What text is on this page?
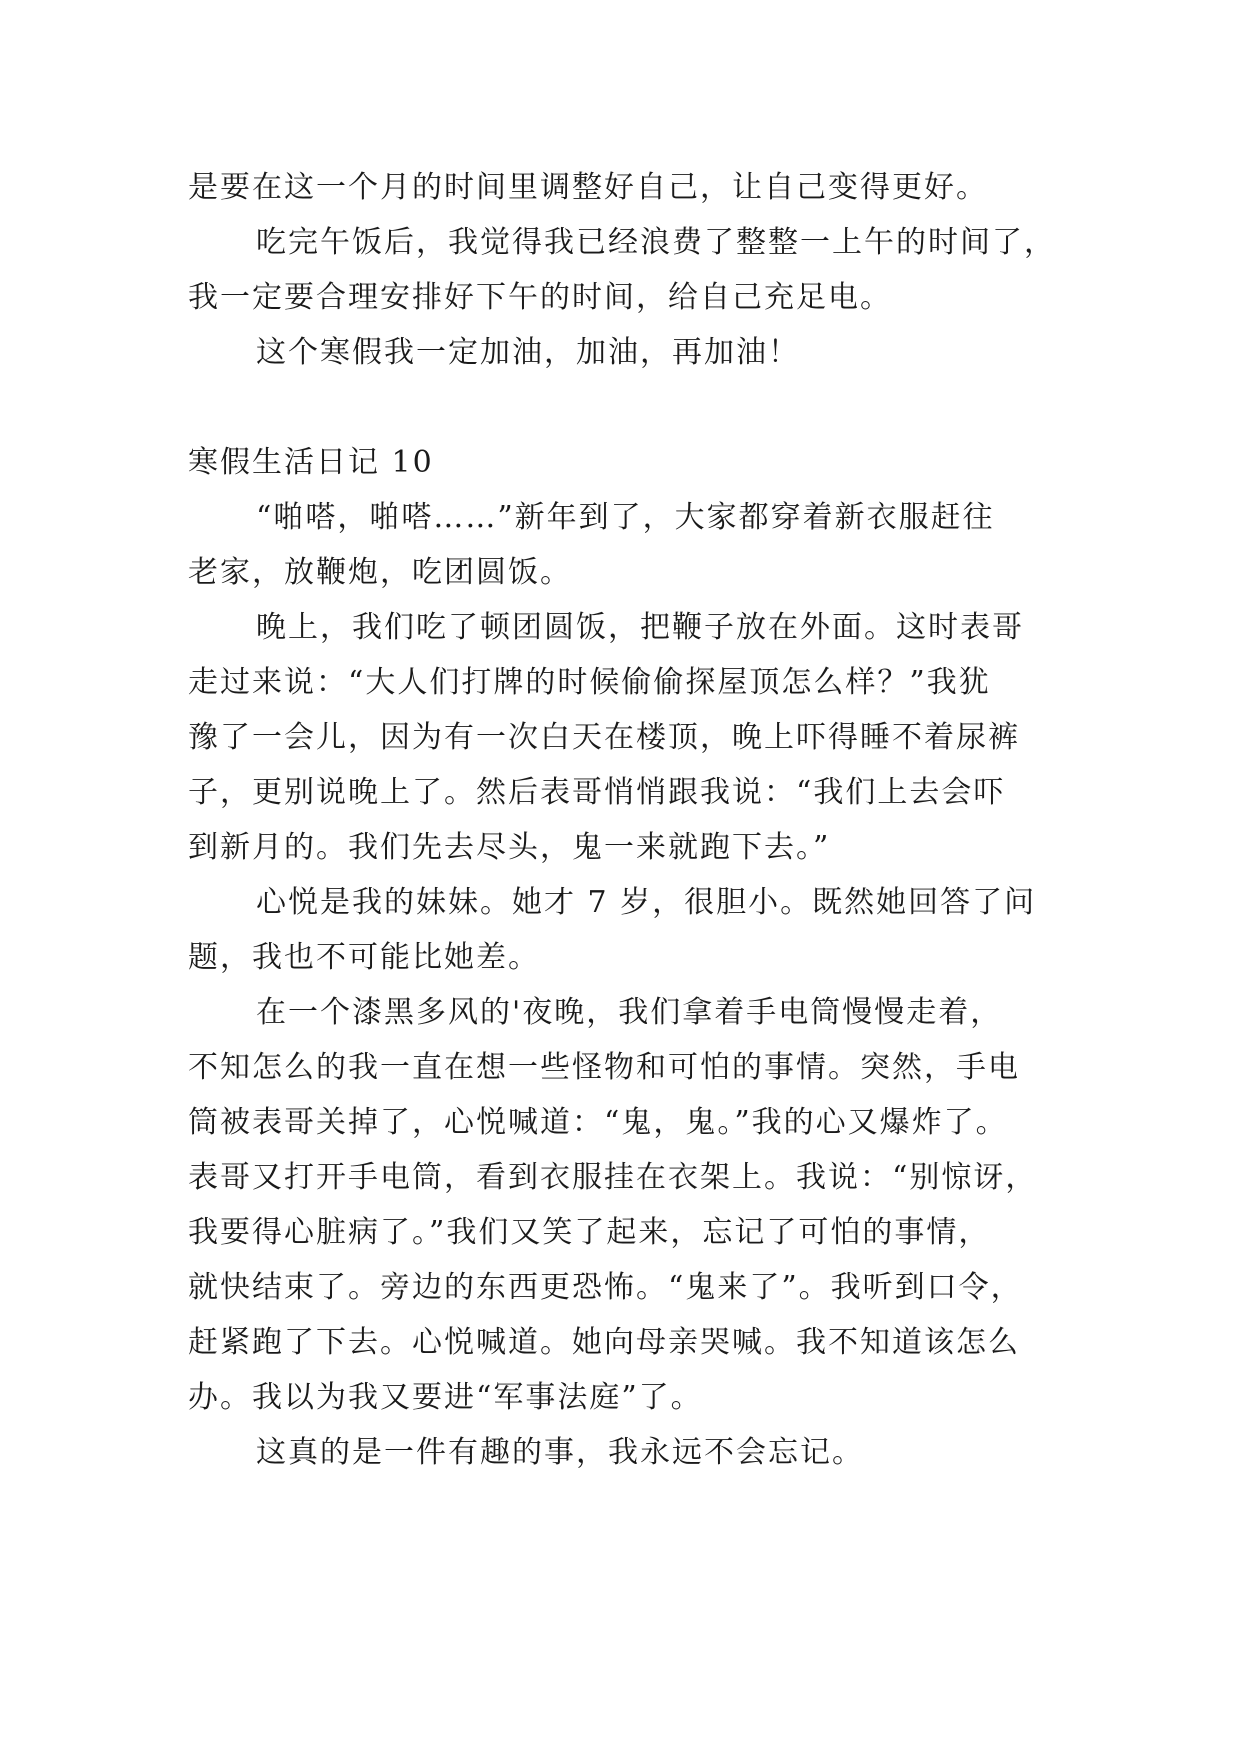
是要在这一个月的时间里调整好自己，让自己变得更好。
吃完午饭后，我觉得我已经浪费了整整一上午的时间了，
我一定要合理安排好下午的时间，给自己充足电。
这个寒假我一定加油，加油，再加油！
寒假生活日记 10
“啪嗒，啪嗒……”新年到了，大家都穿着新衣服赶往
老家，放鞭炮，吃团圆饭。
晚上，我们吃了顿团圆饭，把鞭子放在外面。这时表哥
走过来说：“大人们打牌的时候偷偷探屋顶怎么样？”我犹
豫了一会儿，因为有一次白天在楼顶，晚上吓得睡不着尿裤
子，更别说晚上了。然后表哥悄悄跟我说：“我们上去会吓
到新月的。我们先去尽头，鬼一来就跑下去。”
心悦是我的妹妹。她才 7 岁，很胆小。既然她回答了问
题，我也不可能比她差。
在一个漆黑多风的'夜晚，我们拿着手电筒慢慢走着，
不知怎么的我一直在想一些怪物和可怕的事情。突然，手电
筒被表哥关掉了，心悦喊道：“鬼，鬼。”我的心又爆炸了。
表哥又打开手电筒，看到衣服挂在衣架上。我说：“别惊讶，
我要得心脏病了。”我们又笑了起来，忘记了可怕的事情，
就快结束了。旁边的东西更恐怖。“鬼来了”。我听到口令，
赶紧跑了下去。心悦喊道。她向母亲哭喊。我不知道该怎么
办。我以为我又要进“军事法庭”了。
这真的是一件有趣的事，我永远不会忘记。
